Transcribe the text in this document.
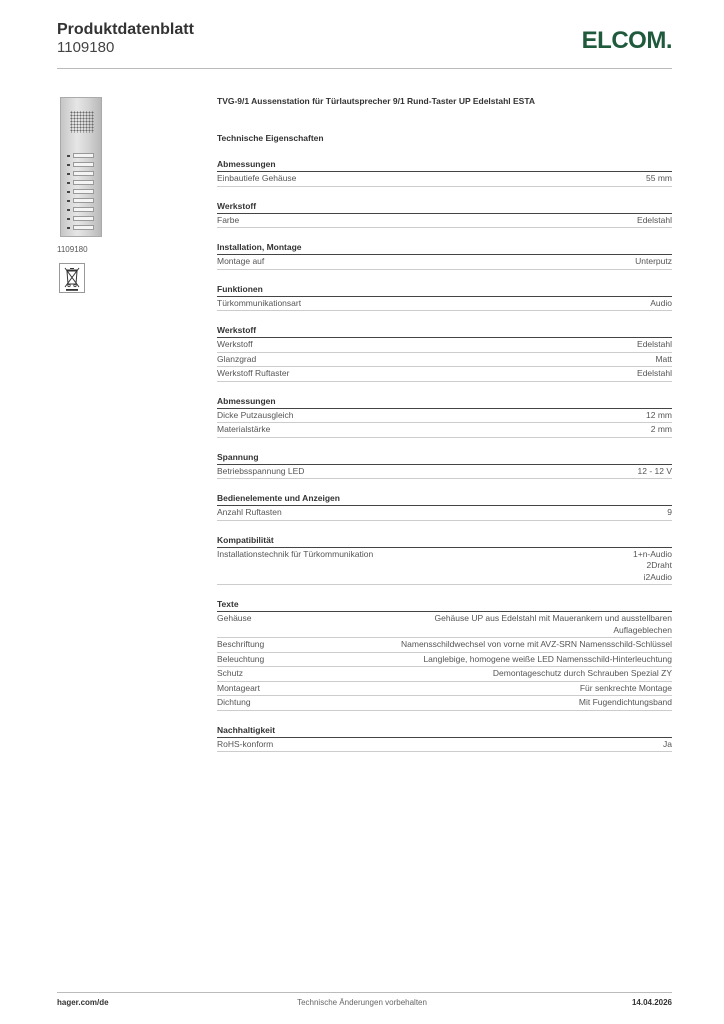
Produktdatenblatt
1109180	ELCOM.
1109180
TVG-9/1 Aussenstation für Türlautsprecher 9/1 Rund-Taster UP Edelstahl ESTA
Technische Eigenschaften
Abmessungen
Einbautiefe Gehäuse	55 mm
Werkstoff
Farbe	Edelstahl
Installation, Montage
Montage auf	Unterputz
Funktionen
Türkommunikationsart	Audio
Werkstoff
Werkstoff	Edelstahl
Glanzgrad	Matt
Werkstoff Ruftaster	Edelstahl
Abmessungen
Dicke Putzausgleich	12 mm
Materialstärke	2 mm
Spannung
Betriebsspannung LED	12 - 12 V
Bedienelemente und Anzeigen
Anzahl Ruftasten	9
Kompatibilität
Installationstechnik für Türkommunikation	1+n-Audio
2Draht
i2Audio
Texte
Gehäuse	Gehäuse UP aus Edelstahl mit Mauerankern und ausstellbaren Auflageblechen
Beschriftung	Namensschildwechsel von vorne mit AVZ-SRN Namensschild-Schlüssel
Beleuchtung	Langlebige, homogene weiße LED Namensschild-Hinterleuchtung
Schutz	Demontageschutz durch Schrauben Spezial ZY
Montageart	Für senkrechte Montage
Dichtung	Mit Fugendichtungsband
Nachhaltigkeit
RoHS-konform	Ja
hager.com/de	Technische Änderungen vorbehalten	14.04.2026
